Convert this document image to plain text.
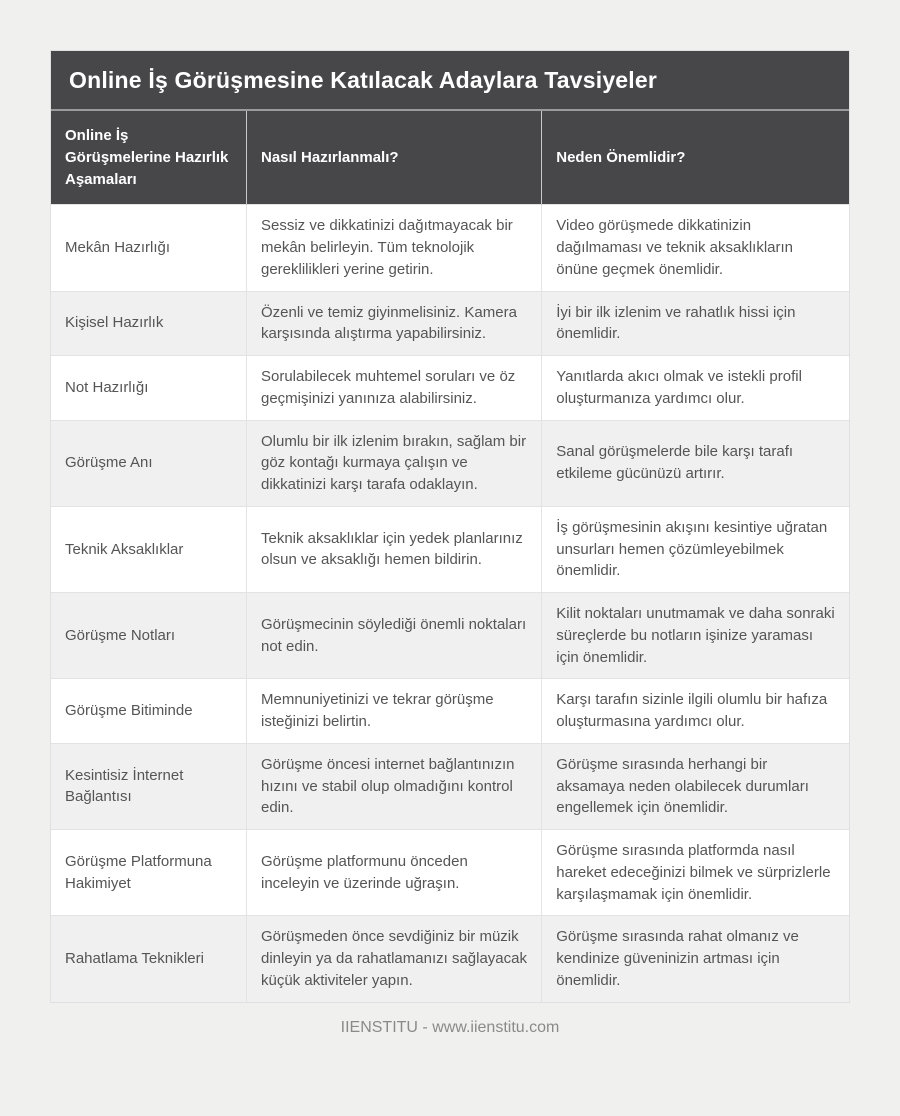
Online İş Görüşmesine Katılacak Adaylara Tavsiyeler
Online İş Görüşmelerine Hazırlık Aşamaları	Nasıl Hazırlanmalı?	Neden Önemlidir?
Mekân Hazırlığı	Sessiz ve dikkatinizi dağıtmayacak bir mekân belirleyin. Tüm teknolojik gereklilikleri yerine getirin.	Video görüşmede dikkatinizin dağılmaması ve teknik aksaklıkların önüne geçmek önemlidir.
Kişisel Hazırlık	Özenli ve temiz giyinmelisiniz. Kamera karşısında alıştırma yapabilirsiniz.	İyi bir ilk izlenim ve rahatlık hissi için önemlidir.
Not Hazırlığı	Sorulabilecek muhtemel soruları ve öz geçmişinizi yanınıza alabilirsiniz.	Yanıtlarda akıcı olmak ve istekli profil oluşturmanıza yardımcı olur.
Görüşme Anı	Olumlu bir ilk izlenim bırakın, sağlam bir göz kontağı kurmaya çalışın ve dikkatinizi karşı tarafa odaklayın.	Sanal görüşmelerde bile karşı tarafı etkileme gücünüzü artırır.
Teknik Aksaklıklar	Teknik aksaklıklar için yedek planlarınız olsun ve aksaklığı hemen bildirin.	İş görüşmesinin akışını kesintiye uğratan unsurları hemen çözümleyebilmek önemlidir.
Görüşme Notları	Görüşmecinin söylediği önemli noktaları not edin.	Kilit noktaları unutmamak ve daha sonraki süreçlerde bu notların işinize yaraması için önemlidir.
Görüşme Bitiminde	Memnuniyetinizi ve tekrar görüşme isteğinizi belirtin.	Karşı tarafın sizinle ilgili olumlu bir hafıza oluşturmasına yardımcı olur.
Kesintisiz İnternet Bağlantısı	Görüşme öncesi internet bağlantınızın hızını ve stabil olup olmadığını kontrol edin.	Görüşme sırasında herhangi bir aksamaya neden olabilecek durumları engellemek için önemlidir.
Görüşme Platformuna Hakimiyet	Görüşme platformunu önceden inceleyin ve üzerinde uğraşın.	Görüşme sırasında platformda nasıl hareket edeceğinizi bilmek ve sürprizlerle karşılaşmamak için önemlidir.
Rahatlama Teknikleri	Görüşmeden önce sevdiğiniz bir müzik dinleyin ya da rahatlamanızı sağlayacak küçük aktiviteler yapın.	Görüşme sırasında rahat olmanız ve kendinize güveninizin artması için önemlidir.
IIENSTITU - www.iienstitu.com
